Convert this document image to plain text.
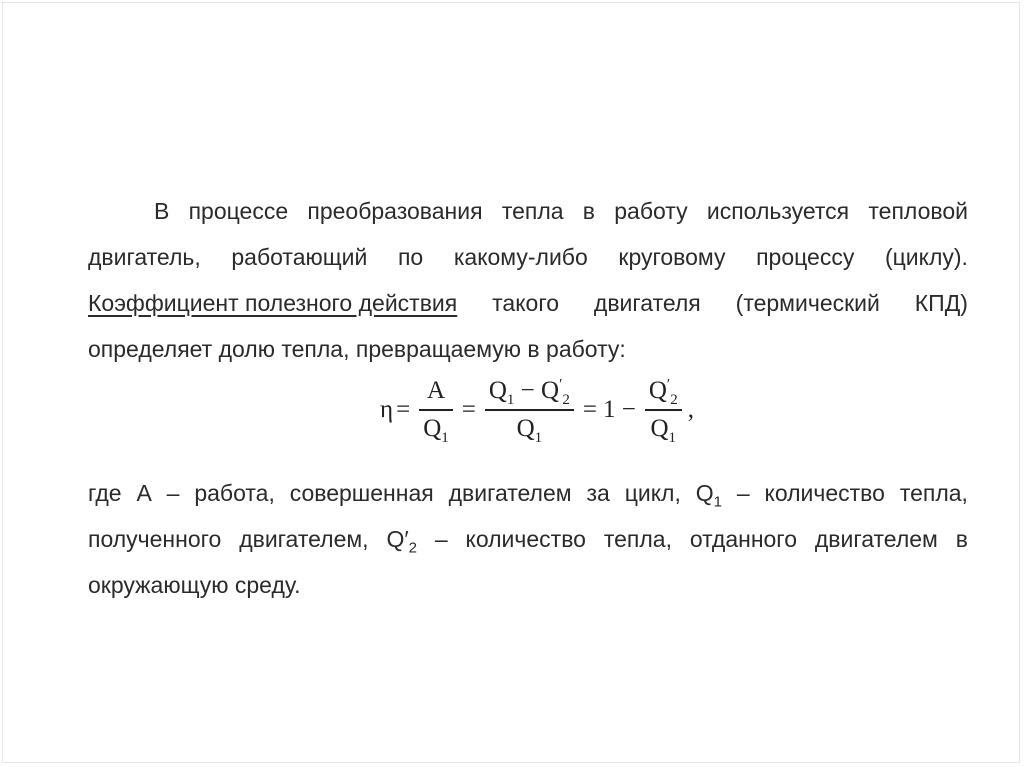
В процессе преобразования тепла в работу используется тепловой
двигатель, работающий по какому-либо круговому процессу (циклу).
Коэффициент полезного действия такого двигателя (термический КПД)
определяет долю тепла, превращаемую в работу:
$\eta = \frac{A}{Q_1} = \frac{Q_1 - Q'_2}{Q_1} = 1 - \frac{Q'_2}{Q_1}$ ,
где A – работа, совершенная двигателем за цикл, $Q_1$ – количество тепла,
полученного двигателем, $Q'_2$ – количество тепла, отданного двигателем в
окружающую среду.
